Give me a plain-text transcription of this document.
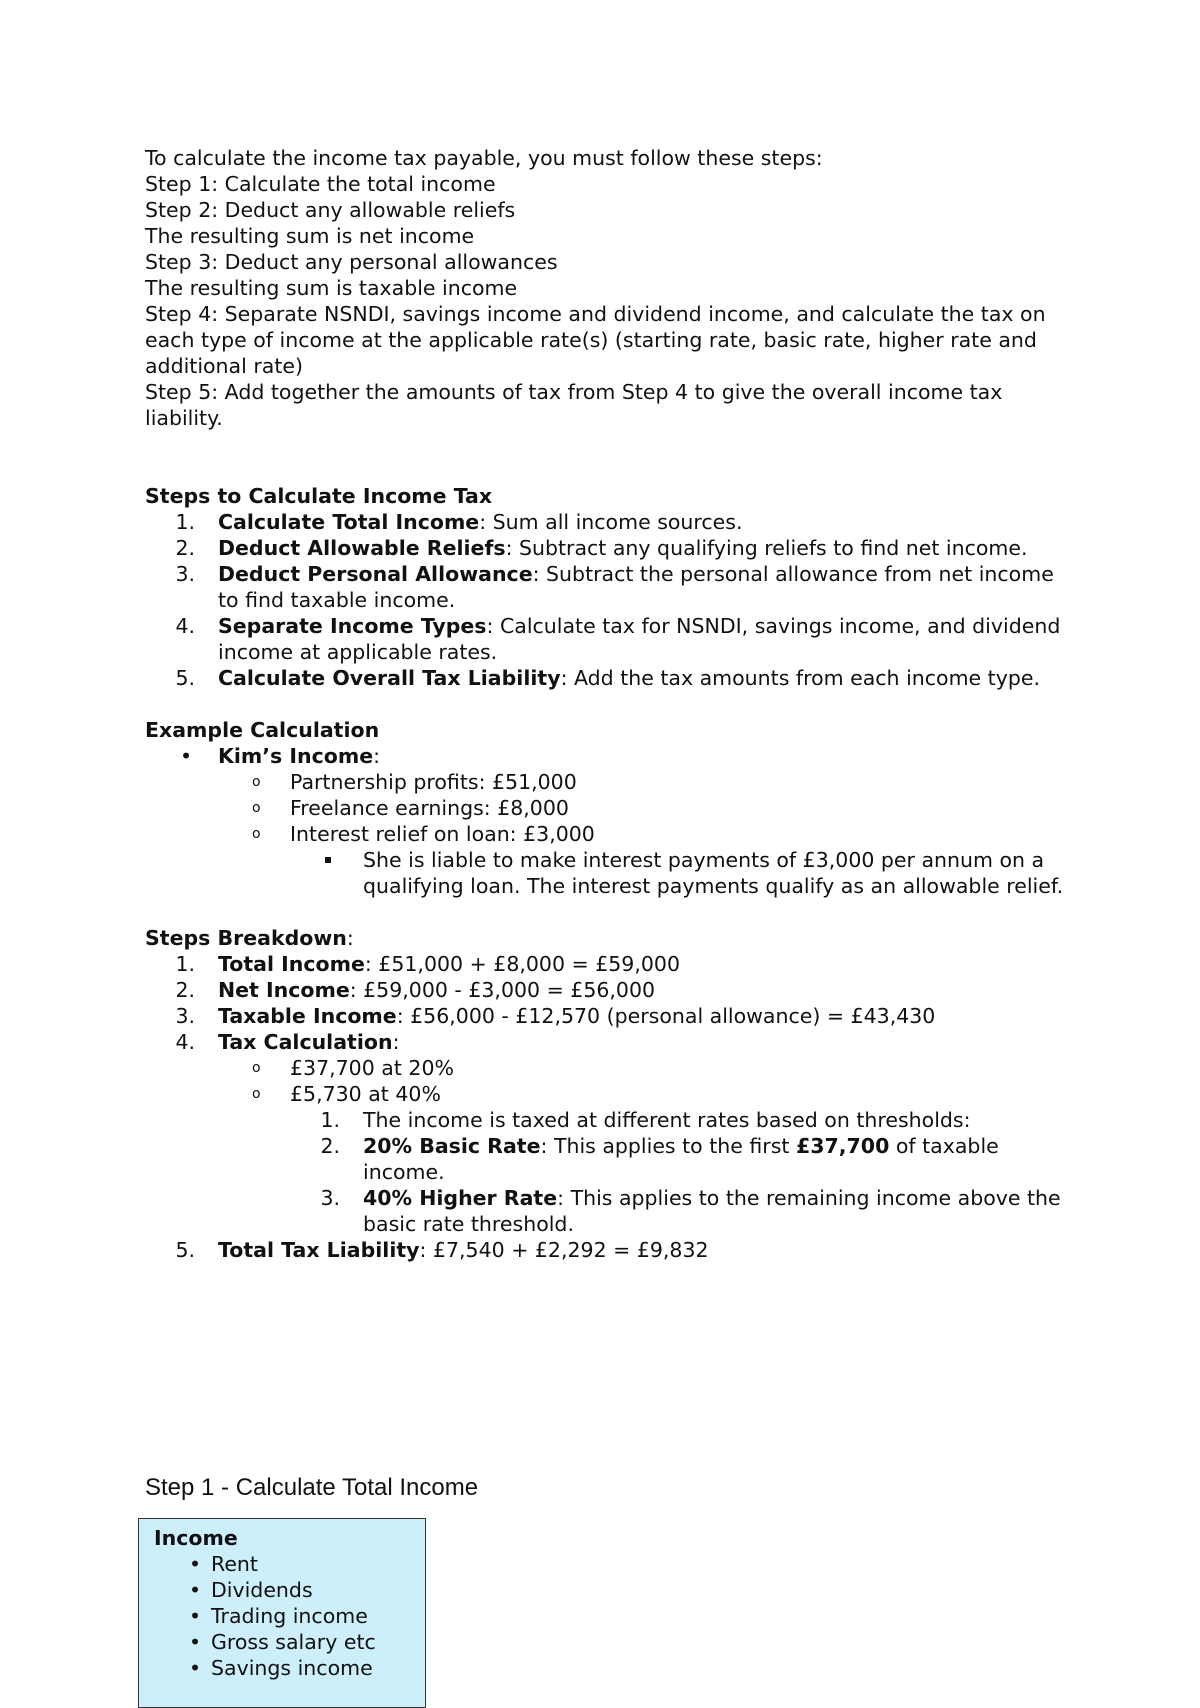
To calculate the income tax payable, you must follow these steps:

Step 1: Calculate the total income

Step 2: Deduct any allowable reliefs

The resulting sum is net income

Step 3: Deduct any personal allowances

The resulting sum is taxable income

Step 4: Separate NSNDI, savings income and dividend income, and calculate the tax on each type of income at the applicable rate(s) (starting rate, basic rate, higher rate and additional rate)

Step 5: Add together the amounts of tax from Step 4 to give the overall income tax liability.

Steps to Calculate Income Tax

1. Calculate Total Income: Sum all income sources.
2. Deduct Allowable Reliefs: Subtract any qualifying reliefs to find net income.
3. Deduct Personal Allowance: Subtract the personal allowance from net income to find taxable income.
4. Separate Income Types: Calculate tax for NSNDI, savings income, and dividend income at applicable rates.
5. Calculate Overall Tax Liability: Add the tax amounts from each income type.

Example Calculation

• Kim’s Income:
o Partnership profits: £51,000
o Freelance earnings: £8,000
o Interest relief on loan: £3,000
She is liable to make interest payments of £3,000 per annum on a qualifying loan. The interest payments qualify as an allowable relief.

Steps Breakdown:

1. Total Income: £51,000 + £8,000 = £59,000
2. Net Income: £59,000 - £3,000 = £56,000
3. Taxable Income: £56,000 - £12,570 (personal allowance) = £43,430
4. Tax Calculation:
o £37,700 at 20%
o £5,730 at 40%
1. The income is taxed at different rates based on thresholds:
2. 20% Basic Rate: This applies to the first £37,700 of taxable income.
3. 40% Higher Rate: This applies to the remaining income above the basic rate threshold.
5. Total Tax Liability: £7,540 + £2,292 = £9,832

Step 1 - Calculate Total Income

Income

• Rent
• Dividends
• Trading income
• Gross salary etc
• Savings income
